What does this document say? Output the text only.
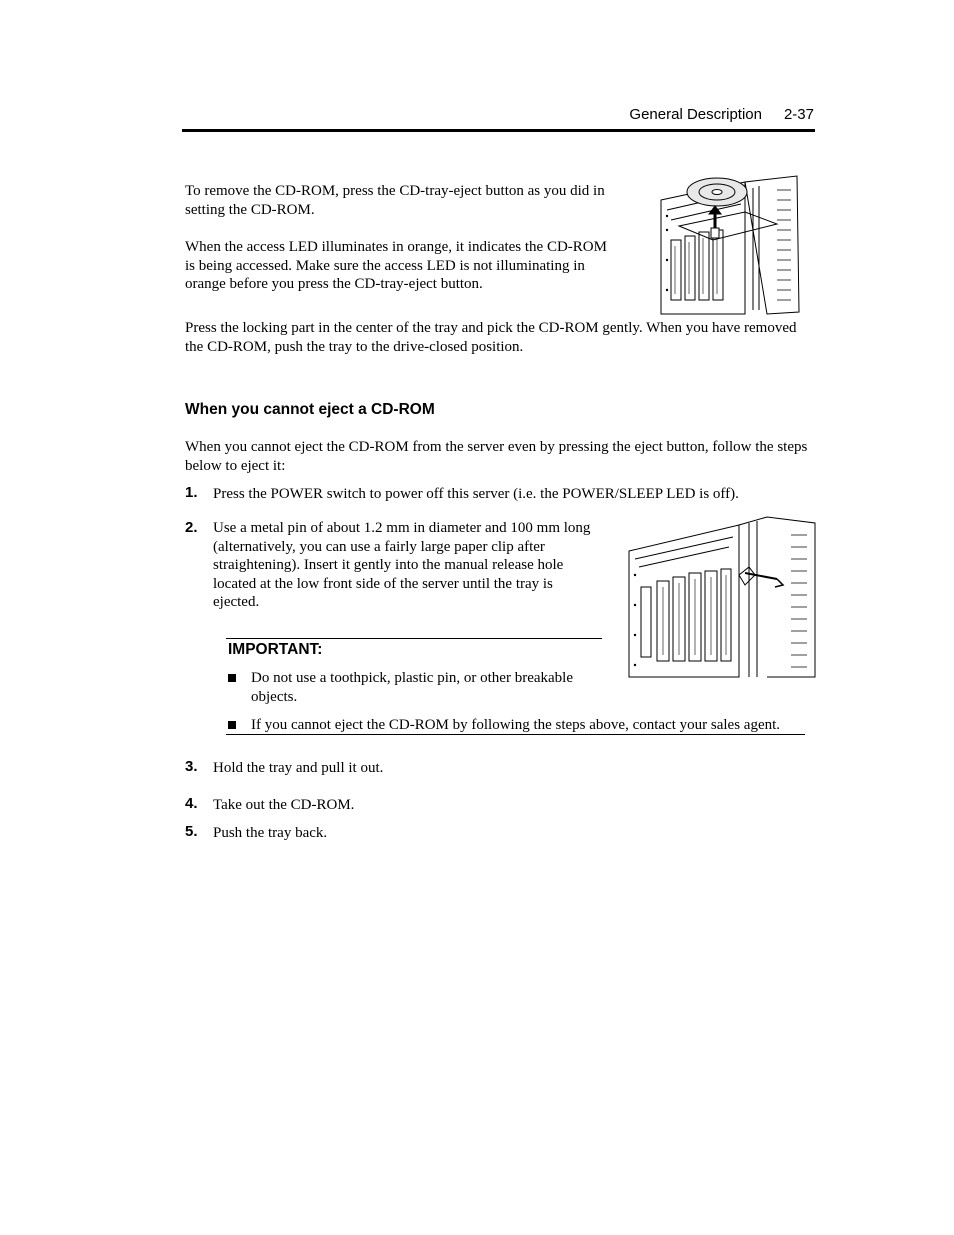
General Description 2-37
To remove the CD-ROM, press the CD-tray-eject button as you did in setting the CD-ROM.
When the access LED illuminates in orange, it indicates the CD-ROM is being accessed. Make sure the access LED is not illuminating in orange before you press the CD-tray-eject button.
Press the locking part in the center of the tray and pick the CD-ROM gently. When you have removed the CD-ROM, push the tray to the drive-closed position.
When you cannot eject a CD-ROM
When you cannot eject the CD-ROM from the server even by pressing the eject button, follow the steps below to eject it:
1. Press the POWER switch to power off this server (i.e. the POWER/SLEEP LED is off).
2. Use a metal pin of about 1.2 mm in diameter and 100 mm long (alternatively, you can use a fairly large paper clip after straightening). Insert it gently into the manual release hole located at the low front side of the server until the tray is ejected.
IMPORTANT:
Do not use a toothpick, plastic pin, or other breakable objects.
If you cannot eject the CD-ROM by following the steps above, contact your sales agent.
3. Hold the tray and pull it out.
4. Take out the CD-ROM.
5. Push the tray back.
